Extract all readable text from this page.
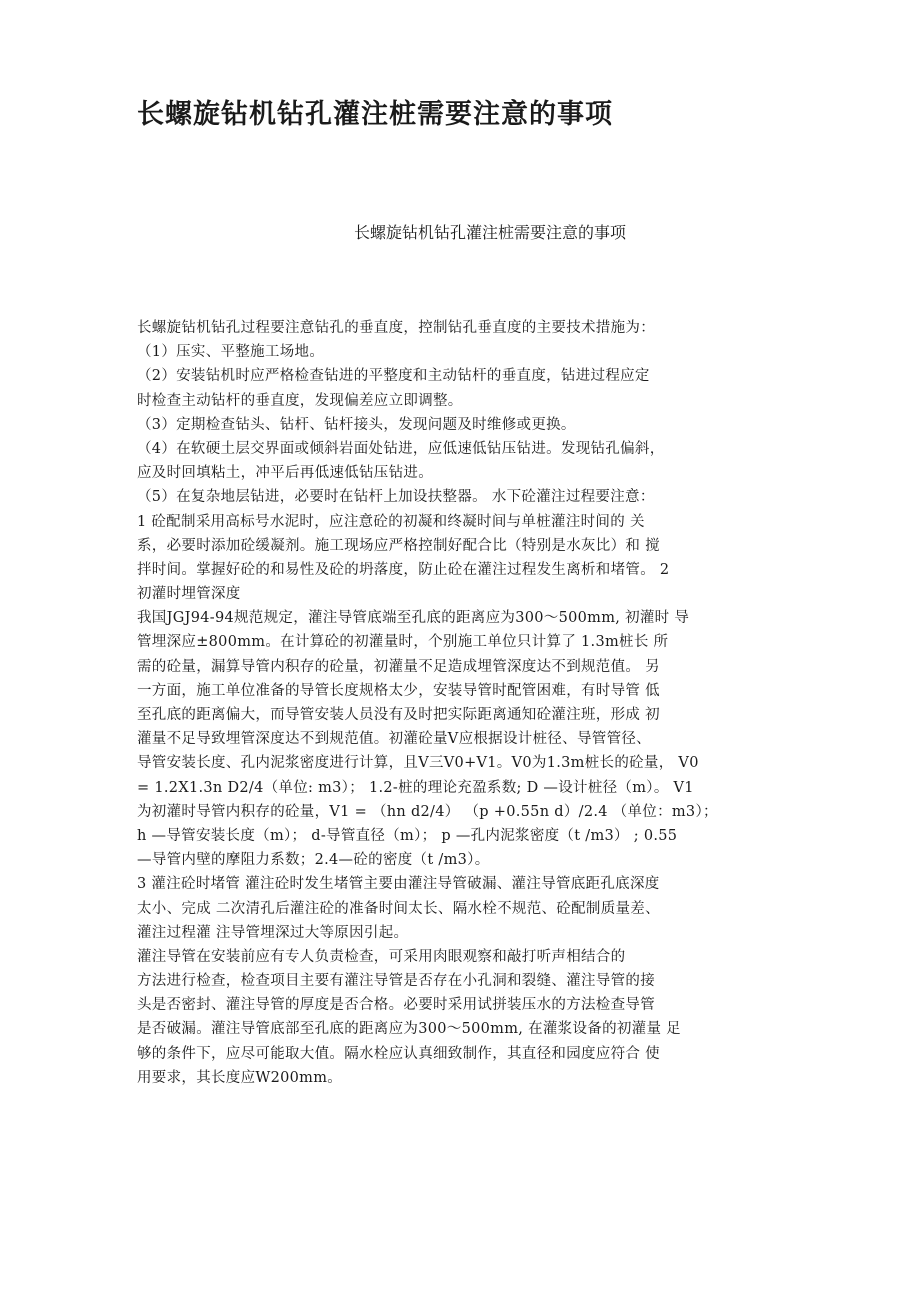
长螺旋钻机钻孔灌注桩需要注意的事项

长螺旋钻机钻孔灌注桩需要注意的事项

长螺旋钻机钻孔过程要注意钻孔的垂直度，控制钻孔垂直度的主要技术措施为：
（1）压实、平整施工场地。
（2）安装钻机时应严格检查钻进的平整度和主动钻杆的垂直度，钻进过程应定
时检查主动钻杆的垂直度，发现偏差应立即调整。
（3）定期检查钻头、钻杆、钻杆接头，发现问题及时维修或更换。
（4）在软硬土层交界面或倾斜岩面处钻进，应低速低钻压钻进。发现钻孔偏斜，
应及时回填粘土，冲平后再低速低钻压钻进。
（5）在复杂地层钻进，必要时在钻杆上加设扶整器。 水下砼灌注过程要注意：
1 砼配制采用高标号水泥时，应注意砼的初凝和终凝时间与单桩灌注时间的 关
系，必要时添加砼缓凝剂。施工现场应严格控制好配合比（特别是水灰比）和 搅
拌时间。掌握好砼的和易性及砼的坍落度，防止砼在灌注过程发生离析和堵管。 2
初灌时埋管深度
我国JGJ94-94规范规定，灌注导管底端至孔底的距离应为300〜500mm, 初灌时 导
管埋深应±800mm。在计算砼的初灌量时，个别施工单位只计算了 1.3m桩长 所
需的砼量，漏算导管内积存的砼量，初灌量不足造成埋管深度达不到规范值。 另
一方面，施工单位准备的导管长度规格太少，安装导管时配管困难，有时导管 低
至孔底的距离偏大，而导管安装人员没有及时把实际距离通知砼灌注班，形成 初
灌量不足导致埋管深度达不到规范值。初灌砼量V应根据设计桩径、导管管径、
导管安装长度、孔内泥浆密度进行计算，且V三V0+V1。V0为1.3m桩长的砼量， V0
= 1.2X1.3n D2/4（单位: m3）； 1.2-桩的理论充盈系数; D —设计桩径（m）。 V1
为初灌时导管内积存的砼量，V1 = （hn d2/4） （p +0.55n d）/2.4 （单位：m3）；
h —导管安装长度（m）； d-导管直径（m）； p —孔内泥浆密度（t /m3） ; 0.55
—导管内壁的摩阻力系数；2.4—砼的密度（t /m3）。
3 灌注砼时堵管 灌注砼时发生堵管主要由灌注导管破漏、灌注导管底距孔底深度
太小、完成 二次清孔后灌注砼的准备时间太长、隔水栓不规范、砼配制质量差、
灌注过程灌 注导管埋深过大等原因引起。
灌注导管在安装前应有专人负责检查，可采用肉眼观察和敲打听声相结合的
方法进行检查，检查项目主要有灌注导管是否存在小孔洞和裂缝、灌注导管的接
头是否密封、灌注导管的厚度是否合格。必要时采用试拼装压水的方法检查导管
是否破漏。灌注导管底部至孔底的距离应为300〜500mm, 在灌浆设备的初灌量 足
够的条件下，应尽可能取大值。隔水栓应认真细致制作，其直径和园度应符合 使
用要求，其长度应W200mm。
